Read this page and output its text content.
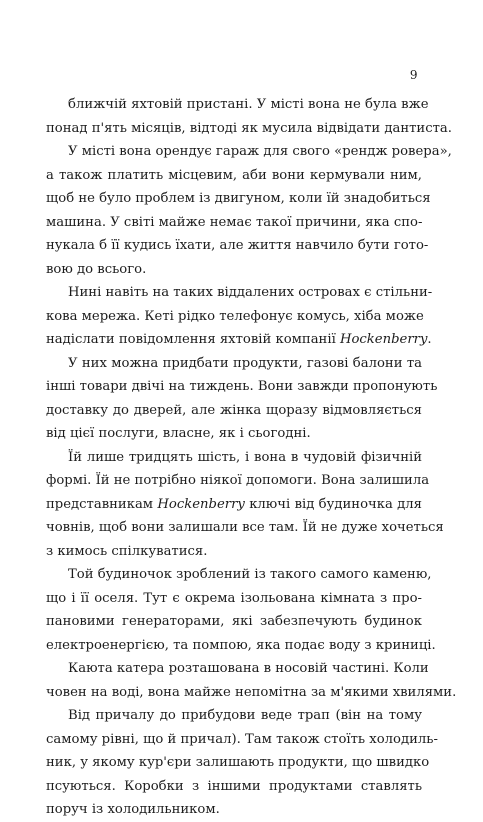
9
ближчій яхтовій пристані. У місті вона не була вже
понад п'ять місяців, відтоді як мусила відвідати дантиста.
У місті вона орендує гараж для свого «рендж ровера»,
а також платить місцевим, аби вони кермували ним,
щоб не було проблем із двигуном, коли їй знадобиться
машина. У світі майже немає такої причини, яка спо-
нукала б її кудись їхати, але життя навчило бути гото-
вою до всього.
Нині навіть на таких віддалених островах є стільни-
кова мережа. Кеті рідко телефонує комусь, хіба може
надіслати повідомлення яхтовій компанії Hockenberry.
У них можна придбати продукти, газові балони та
інші товари двічі на тиждень. Вони завжди пропонують
доставку до дверей, але жінка щоразу відмовляється
від цієї послуги, власне, як і сьогодні.
Їй лише тридцять шість, і вона в чудовій фізичній
формі. Їй не потрібно ніякої допомоги. Вона залишила
представникам Hockenberry ключі від будиночка для
човнів, щоб вони залишали все там. Їй не дуже хочеться
з кимось спілкуватися.
Той будиночок зроблений із такого самого каменю,
що і її оселя. Тут є окрема ізольована кімната з про-
пановими генераторами, які забезпечують будинок
електроенергією, та помпою, яка подає воду з криниці.
Каюта катера розташована в носовій частині. Коли
човен на воді, вона майже непомітна за м'якими хвилями.
Від причалу до прибудови веде трап (він на тому
самому рівні, що й причал). Там також стоїть холодиль-
ник, у якому кур'єри залишають продукти, що швидко
псуються. Коробки з іншими продуктами ставлять
поруч із холодильником.
